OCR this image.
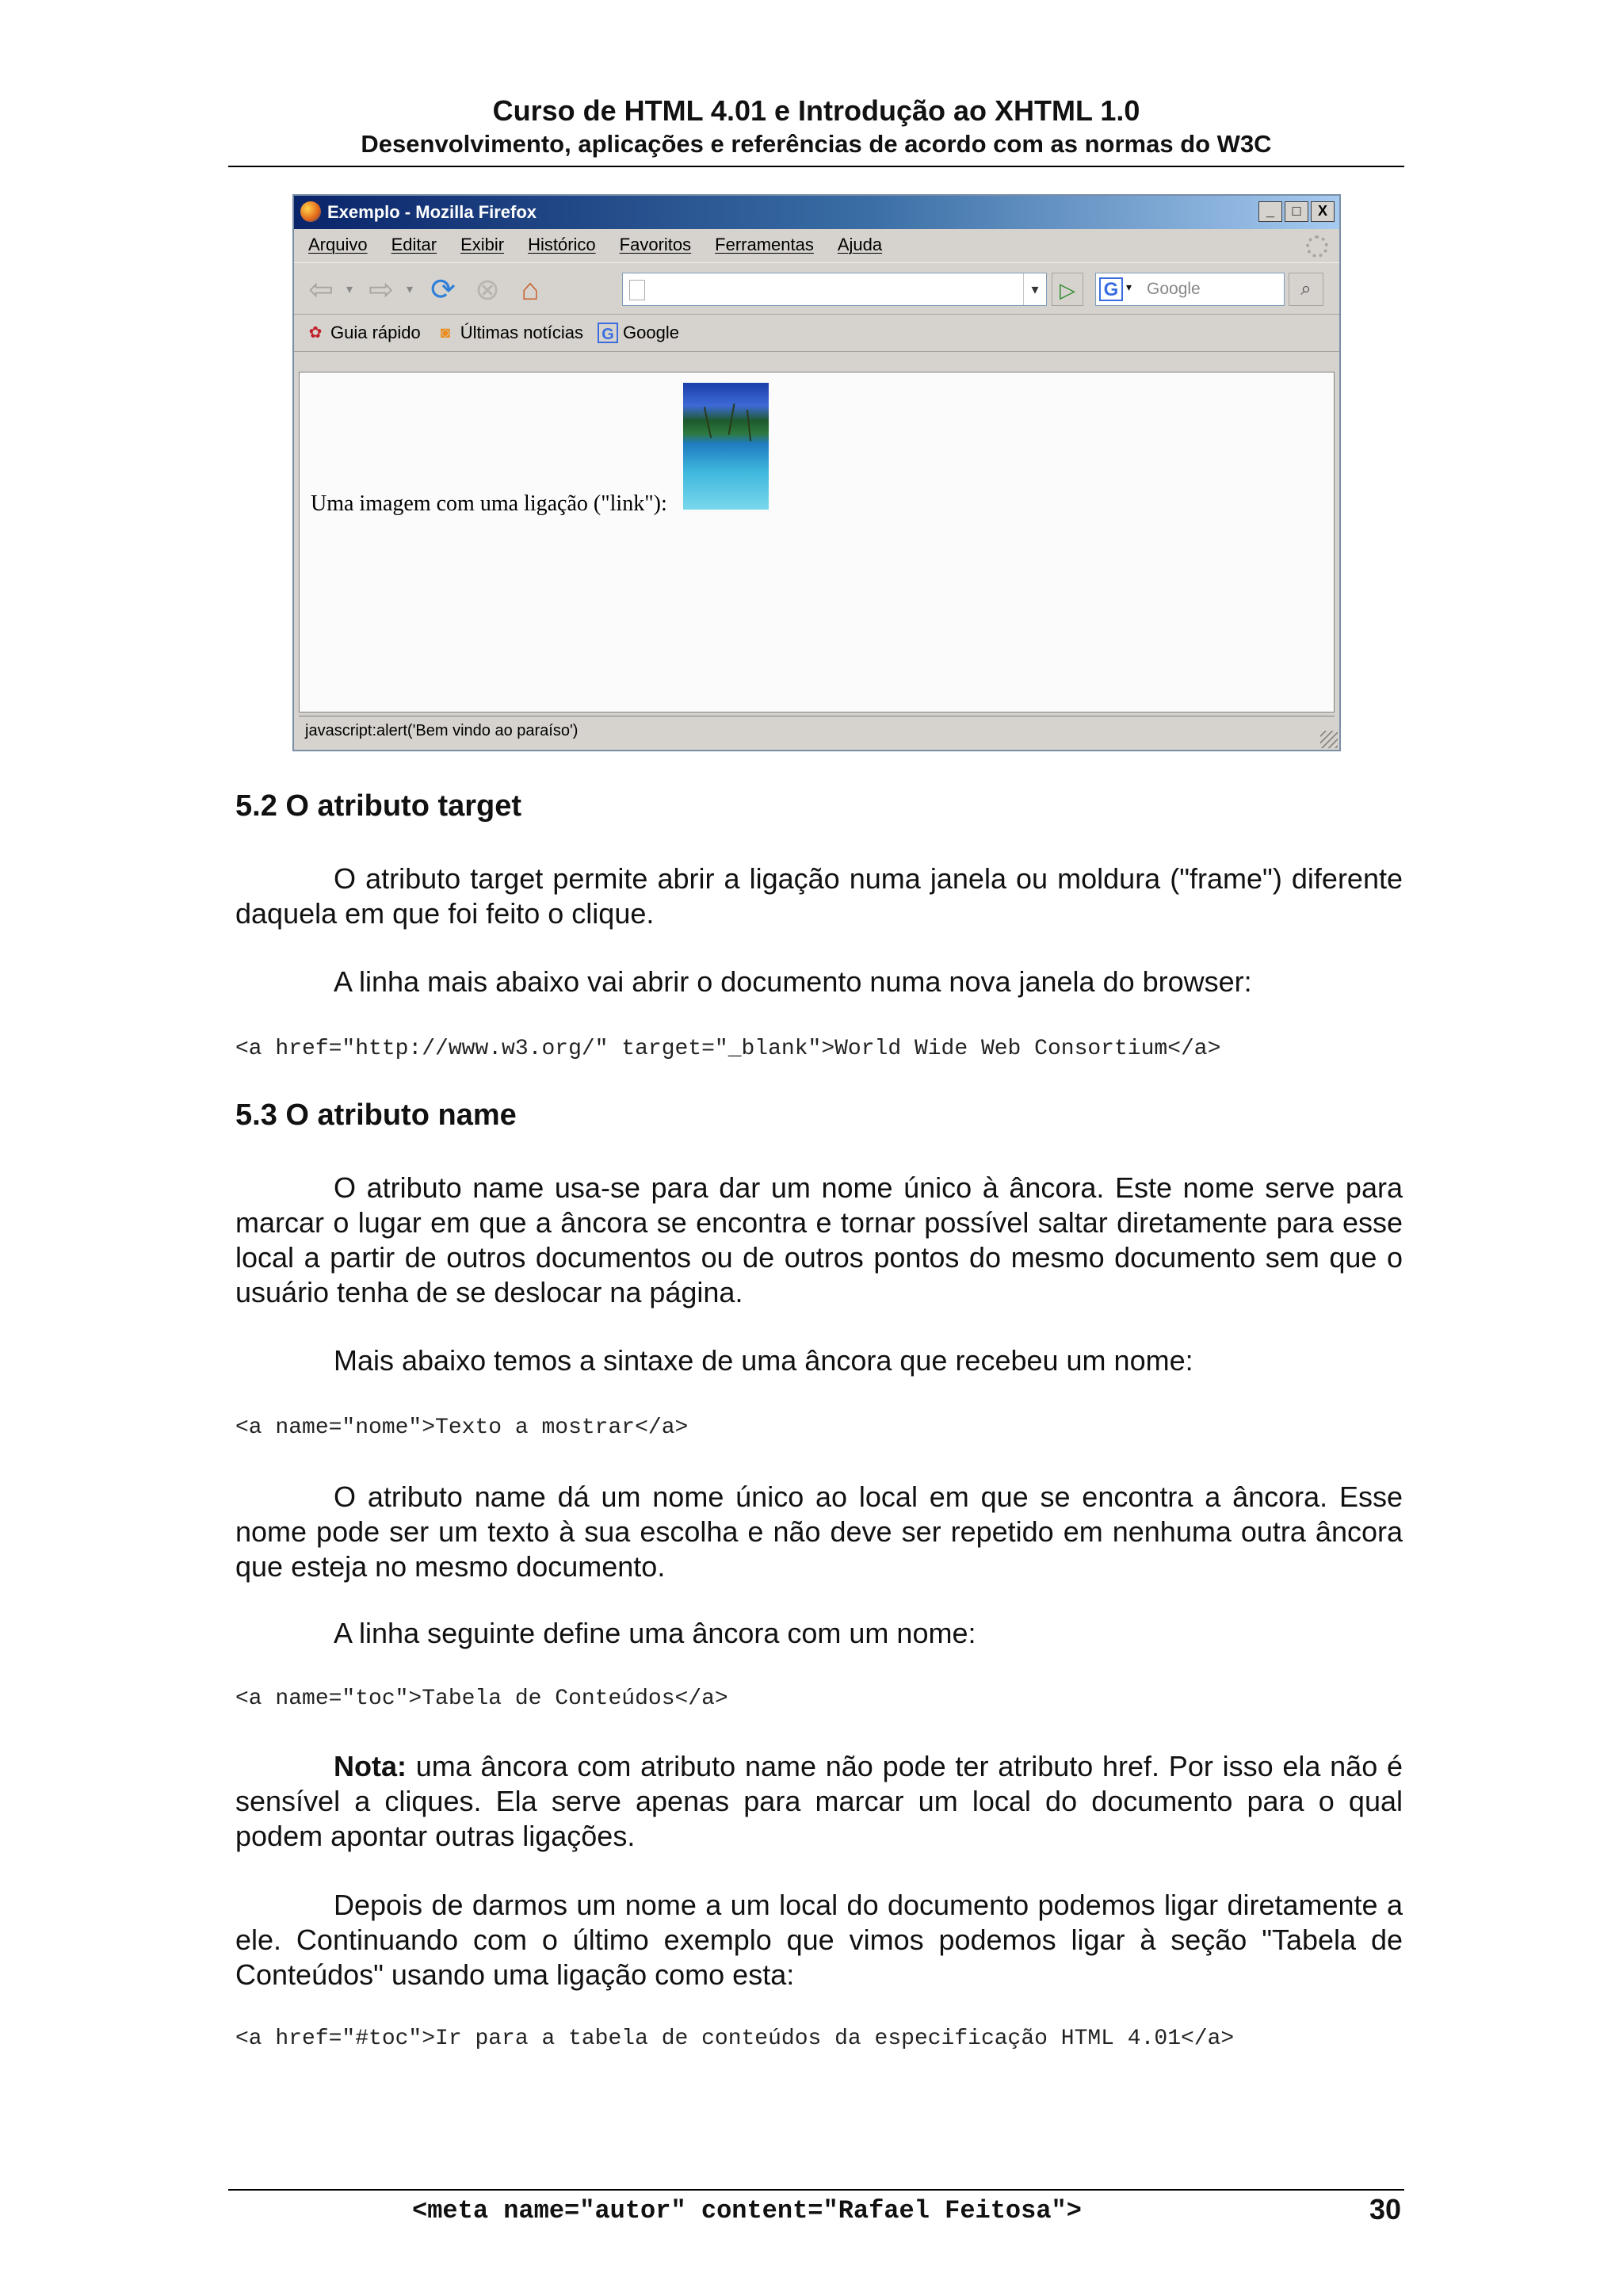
Curso de HTML 4.01 e Introdução ao XHTML 1.0
Desenvolvimento, aplicações e referências de acordo com as normas do W3C
Exemplo - Mozilla Firefox	_	□	X
Arquivo Editar Exibir Histórico Favoritos Ferramentas Ajuda
⇦	▾ ⇨	▾ ⟳ ⊗ ⌂	▾	▷	G ▾ Google	⌕
✿ Guia rápido	◙ Últimas notícias G Google
Uma imagem com uma ligação ("link"):
javascript:alert('Bem vindo ao paraíso')
5.2 O atributo target
O atributo target permite abrir a ligação numa janela ou moldura ("frame") diferente daquela em que foi feito o clique.
A linha mais abaixo vai abrir o documento numa nova janela do browser:
<a href="http://www.w3.org/" target="_blank">World Wide Web Consortium</a>
5.3 O atributo name
O atributo name usa-se para dar um nome único à âncora. Este nome serve para marcar o lugar em que a âncora se encontra e tornar possível saltar diretamente para esse local a partir de outros documentos ou de outros pontos do mesmo documento sem que o usuário tenha de se deslocar na página.
Mais abaixo temos a sintaxe de uma âncora que recebeu um nome:
<a name="nome">Texto a mostrar</a>
O atributo name dá um nome único ao local em que se encontra a âncora. Esse nome pode ser um texto à sua escolha e não deve ser repetido em nenhuma outra âncora que esteja no mesmo documento.
A linha seguinte define uma âncora com um nome:
<a name="toc">Tabela de Conteúdos</a>
Nota: uma âncora com atributo name não pode ter atributo href. Por isso ela não é sensível a cliques. Ela serve apenas para marcar um local do documento para o qual podem apontar outras ligações.
Depois de darmos um nome a um local do documento podemos ligar diretamente a ele. Continuando com o último exemplo que vimos podemos ligar à seção "Tabela de Conteúdos" usando uma ligação como esta:
<a href="#toc">Ir para a tabela de conteúdos da especificação HTML 4.01</a>
<meta name="autor" content="Rafael Feitosa">	30
